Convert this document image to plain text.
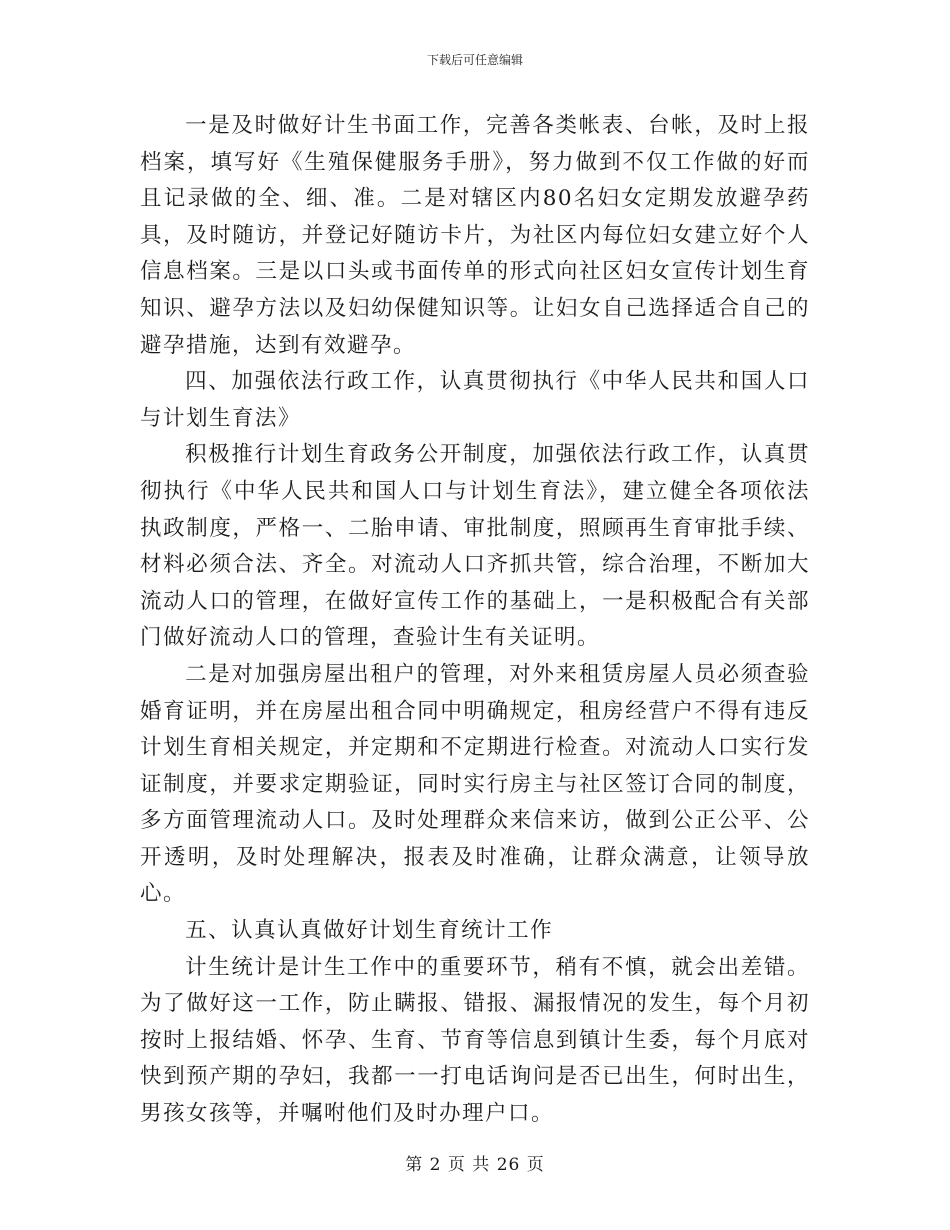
下载后可任意编辑

一是及时做好计生书面工作，完善各类帐表、台帐，及时上报档案，填写好《生殖保健服务手册》，努力做到不仅工作做的好而且记录做的全、细、准。二是对辖区内80名妇女定期发放避孕药具，及时随访，并登记好随访卡片，为社区内每位妇女建立好个人信息档案。三是以口头或书面传单的形式向社区妇女宣传计划生育知识、避孕方法以及妇幼保健知识等。让妇女自己选择适合自己的避孕措施，达到有效避孕。

四、加强依法行政工作，认真贯彻执行《中华人民共和国人口与计划生育法》

积极推行计划生育政务公开制度，加强依法行政工作，认真贯彻执行《中华人民共和国人口与计划生育法》，建立健全各项依法执政制度，严格一、二胎申请、审批制度，照顾再生育审批手续、材料必须合法、齐全。对流动人口齐抓共管，综合治理，不断加大流动人口的管理，在做好宣传工作的基础上，一是积极配合有关部门做好流动人口的管理，查验计生有关证明。

二是对加强房屋出租户的管理，对外来租赁房屋人员必须查验婚育证明，并在房屋出租合同中明确规定，租房经营户不得有违反计划生育相关规定，并定期和不定期进行检查。对流动人口实行发证制度，并要求定期验证，同时实行房主与社区签订合同的制度，多方面管理流动人口。及时处理群众来信来访，做到公正公平、公开透明，及时处理解决，报表及时准确，让群众满意，让领导放心。

五、认真认真做好计划生育统计工作

计生统计是计生工作中的重要环节，稍有不慎，就会出差错。为了做好这一工作，防止瞒报、错报、漏报情况的发生，每个月初按时上报结婚、怀孕、生育、节育等信息到镇计生委，每个月底对快到预产期的孕妇，我都一一打电话询问是否已出生，何时出生，男孩女孩等，并嘱咐他们及时办理户口。

第 2 页 共 26 页
